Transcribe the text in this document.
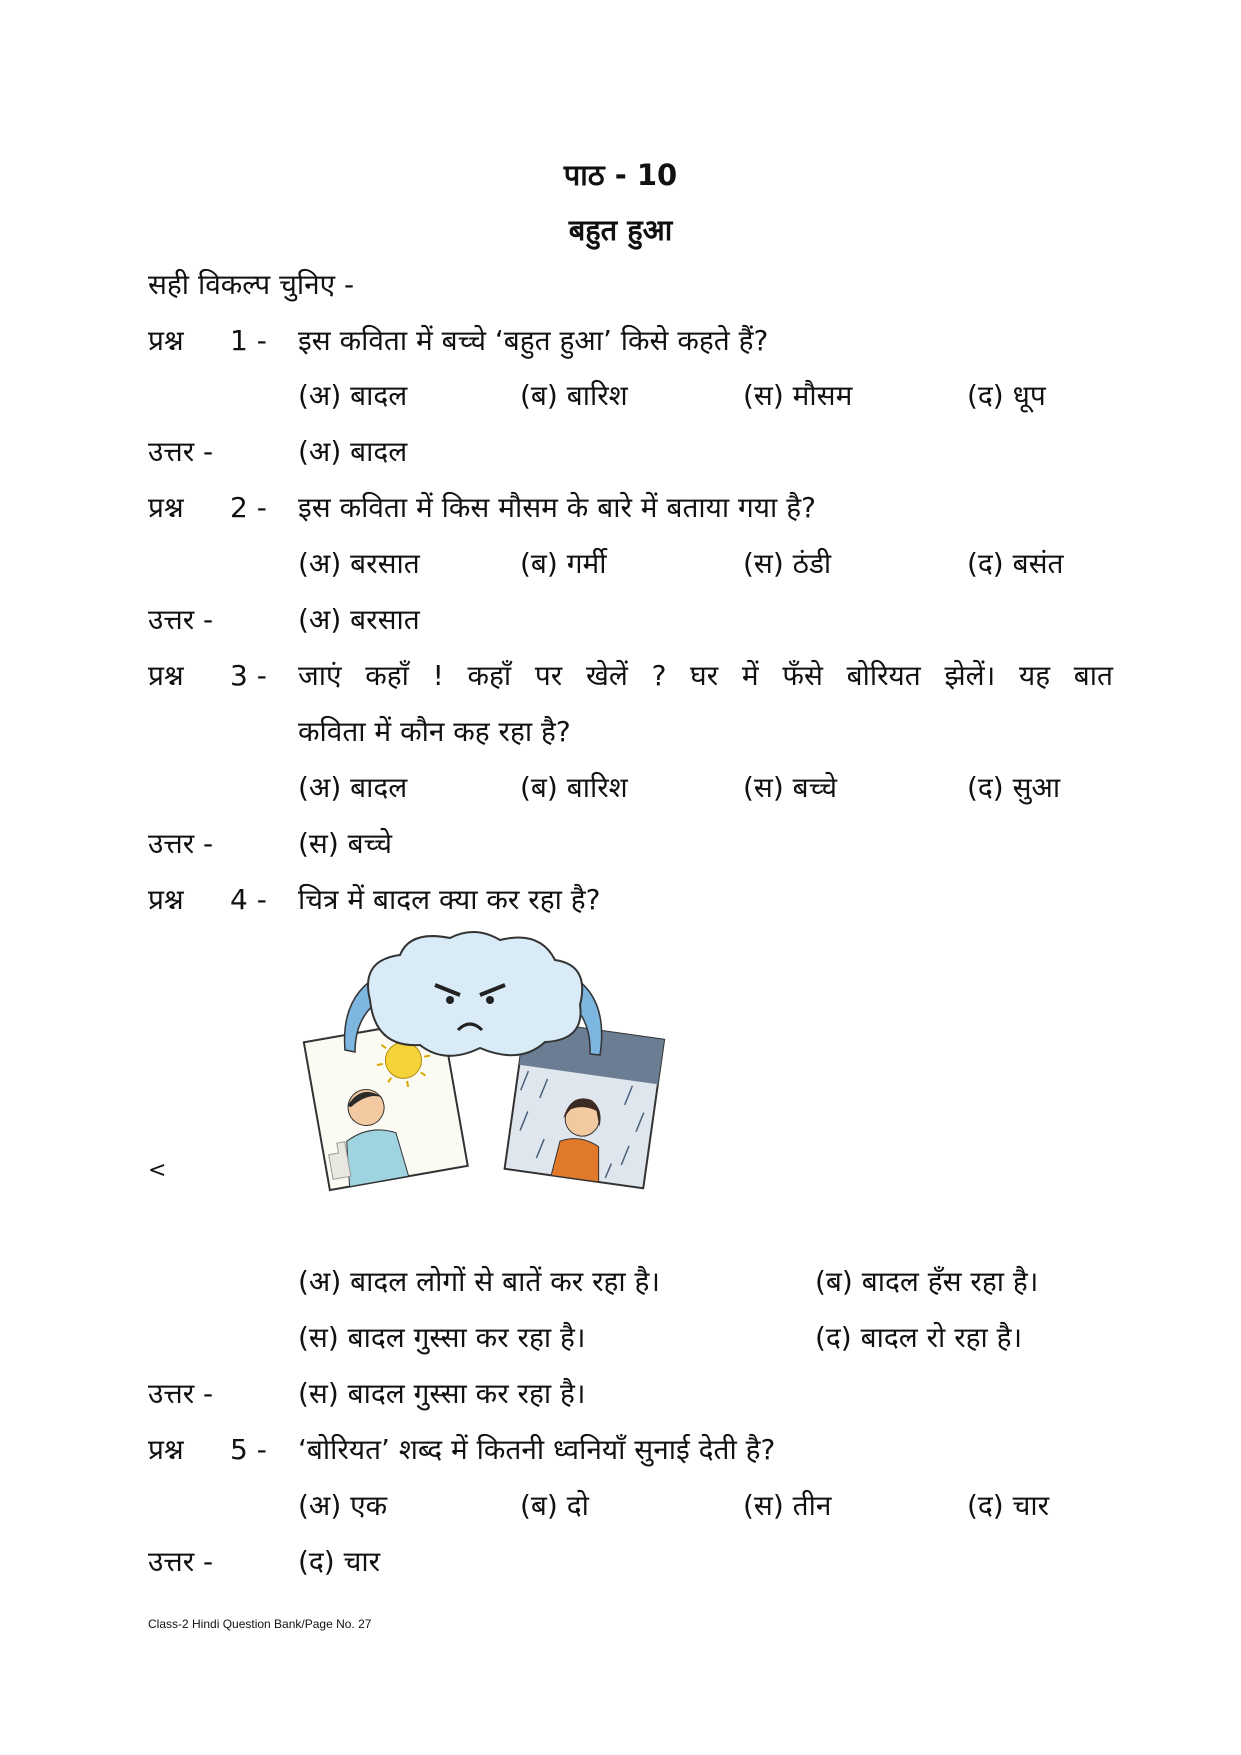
पाठ - 10
बहुत हुआ
सही विकल्प चुनिए -
प्रश्न 1 - इस कविता में बच्चे ‘बहुत हुआ’ किसे कहते हैं?
(अ) बादल	(ब) बारिश	(स) मौसम	(द) धूप
उत्तर -	(अ) बादल
प्रश्न 2 - इस कविता में किस मौसम के बारे में बताया गया है?
(अ) बरसात	(ब) गर्मी	(स) ठंडी	(द) बसंत
उत्तर -	(अ) बरसात
प्रश्न 3 - जाएं कहाँ ! कहाँ पर खेलें ? घर में फँसे बोरियत झेलें। यह बात
कविता में कौन कह रहा है?
(अ) बादल	(ब) बारिश	(स) बच्चे	(द) सुआ
उत्तर -	(स) बच्चे
प्रश्न 4 - चित्र में बादल क्या कर रहा है?
<
(अ) बादल लोगों से बातें कर रहा है।	(ब) बादल हँस रहा है।
(स) बादल गुस्सा कर रहा है।	(द) बादल रो रहा है।
उत्तर -	(स) बादल गुस्सा कर रहा है।
प्रश्न 5 - ‘बोरियत’ शब्द में कितनी ध्वनियाँ सुनाई देती है?
(अ) एक	(ब) दो	(स) तीन	(द) चार
उत्तर -	(द) चार
Class-2 Hindi Question Bank/Page No. 27
